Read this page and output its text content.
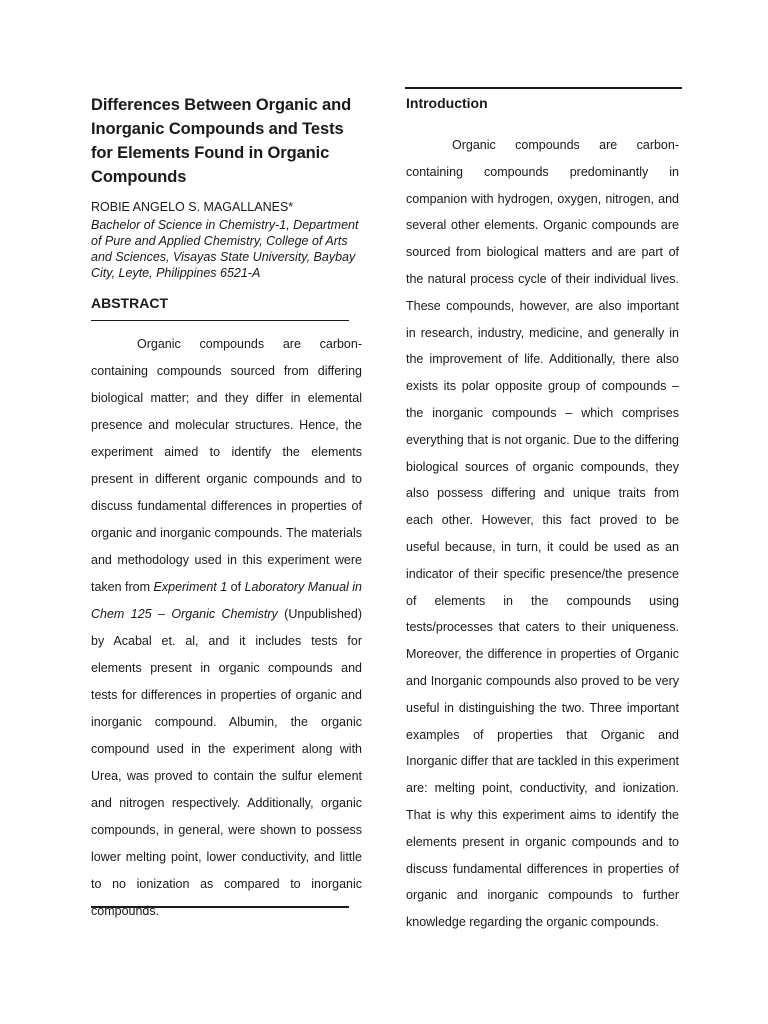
Differences Between Organic and Inorganic Compounds and Tests for Elements Found in Organic Compounds
ROBIE ANGELO S. MAGALLANES*
Bachelor of Science in Chemistry-1, Department of Pure and Applied Chemistry, College of Arts and Sciences, Visayas State University, Baybay City, Leyte, Philippines 6521-A
ABSTRACT

Organic compounds are carbon-containing compounds sourced from differing biological matter; and they differ in elemental presence and molecular structures. Hence, the experiment aimed to identify the elements present in different organic compounds and to discuss fundamental differences in properties of organic and inorganic compounds. The materials and methodology used in this experiment were taken from Experiment 1 of Laboratory Manual in Chem 125 – Organic Chemistry (Unpublished) by Acabal et. al, and it includes tests for elements present in organic compounds and tests for differences in properties of organic and inorganic compound. Albumin, the organic compound used in the experiment along with Urea, was proved to contain the sulfur element and nitrogen respectively. Additionally, organic compounds, in general, were shown to possess lower melting point, lower conductivity, and little to no ionization as compared to inorganic compounds.

Introduction

Organic compounds are carbon-containing compounds predominantly in companion with hydrogen, oxygen, nitrogen, and several other elements. Organic compounds are sourced from biological matters and are part of the natural process cycle of their individual lives. These compounds, however, are also important in research, industry, medicine, and generally in the improvement of life. Additionally, there also exists its polar opposite group of compounds – the inorganic compounds – which comprises everything that is not organic. Due to the differing biological sources of organic compounds, they also possess differing and unique traits from each other. However, this fact proved to be useful because, in turn, it could be used as an indicator of their specific presence/the presence of elements in the compounds using tests/processes that caters to their uniqueness. Moreover, the difference in properties of Organic and Inorganic compounds also proved to be very useful in distinguishing the two. Three important examples of properties that Organic and Inorganic differ that are tackled in this experiment are: melting point, conductivity, and ionization. That is why this experiment aims to identify the elements present in organic compounds and to discuss fundamental differences in properties of organic and inorganic compounds to further knowledge regarding the organic compounds.
